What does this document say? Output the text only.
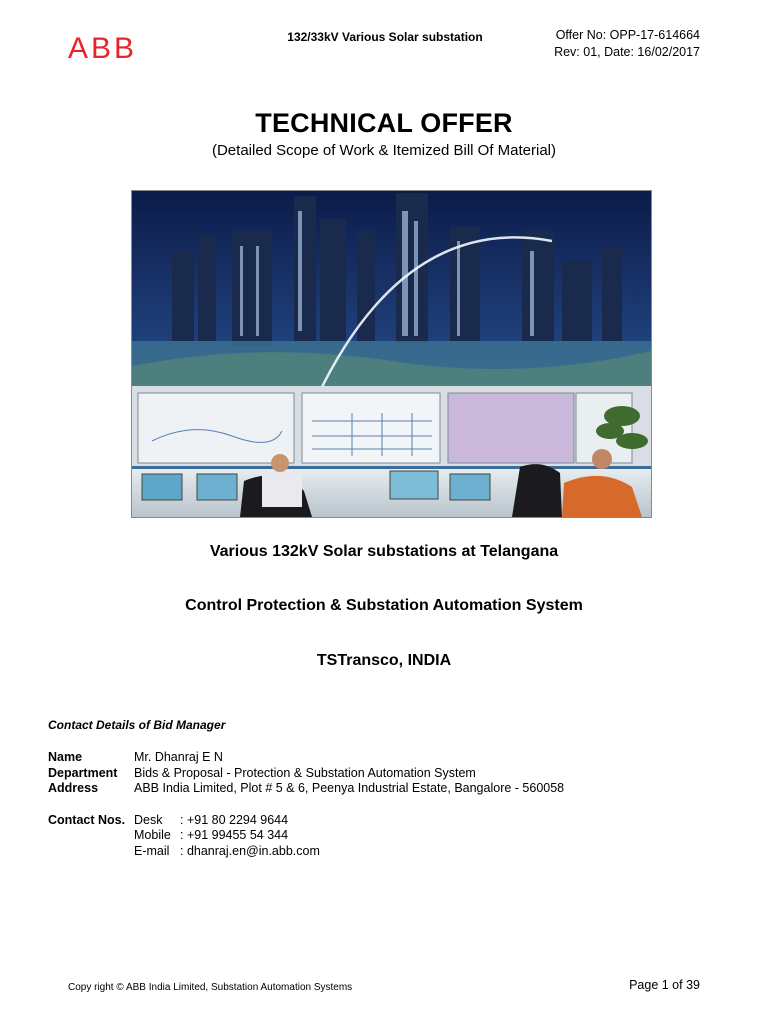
ABB	132/33kV Various Solar substation	Offer No: OPP-17-614664
Rev: 01, Date: 16/02/2017
TECHNICAL OFFER
(Detailed Scope of Work & Itemized Bill Of Material)
Various 132kV Solar substations at Telangana
Control Protection & Substation Automation System
TSTransco, INDIA
Contact Details of Bid Manager
Name	Mr. Dhanraj E N
Department Bids & Proposal - Protection & Substation Automation System
Address	ABB India Limited, Plot # 5 & 6, Peenya Industrial Estate, Bangalore - 560058
Contact Nos. Desk : +91 80 2294 9644
Mobile : +91 99455 54 344
E-mail : dhanraj.en@in.abb.com
Copy right © ABB India Limited, Substation Automation Systems	Page 1 of 39
